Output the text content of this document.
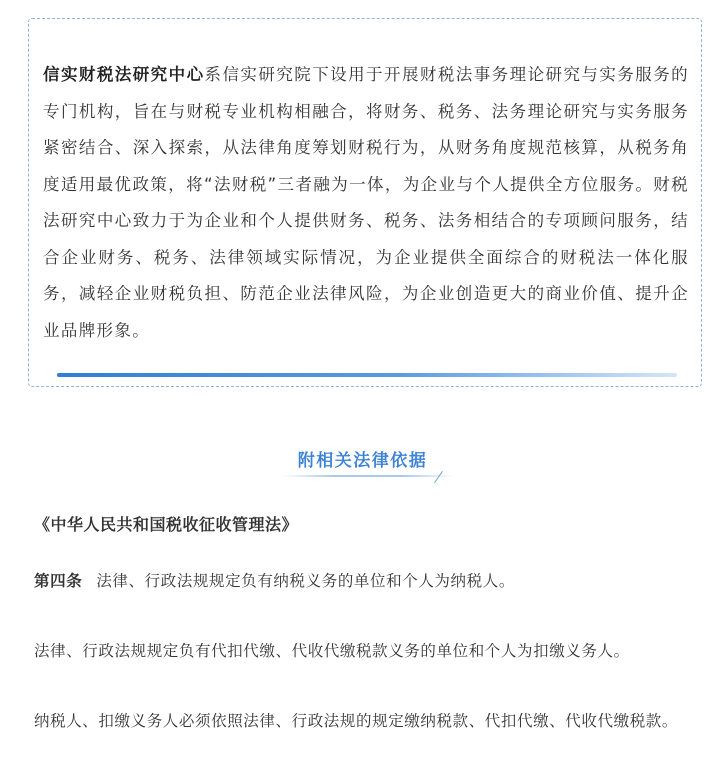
信实财税法研究中心系信实研究院下设用于开展财税法事务理论研究与实务服务的专门机构，旨在与财税专业机构相融合，将财务、税务、法务理论研究与实务服务紧密结合、深入探索，从法律角度筹划财税行为，从财务角度规范核算，从税务角度适用最优政策，将“法财税”三者融为一体，为企业与个人提供全方位服务。财税法研究中心致力于为企业和个人提供财务、税务、法务相结合的专项顾问服务，结合企业财务、税务、法律领域实际情况，为企业提供全面综合的财税法一体化服务，减轻企业财税负担、防范企业法律风险，为企业创造更大的商业价值、提升企业品牌形象。

附相关法律依据

《中华人民共和国税收征收管理法》

第四条 法律、行政法规规定负有纳税义务的单位和个人为纳税人。

法律、行政法规规定负有代扣代缴、代收代缴税款义务的单位和个人为扣缴义务人。

纳税人、扣缴义务人必须依照法律、行政法规的规定缴纳税款、代扣代缴、代收代缴税款。
